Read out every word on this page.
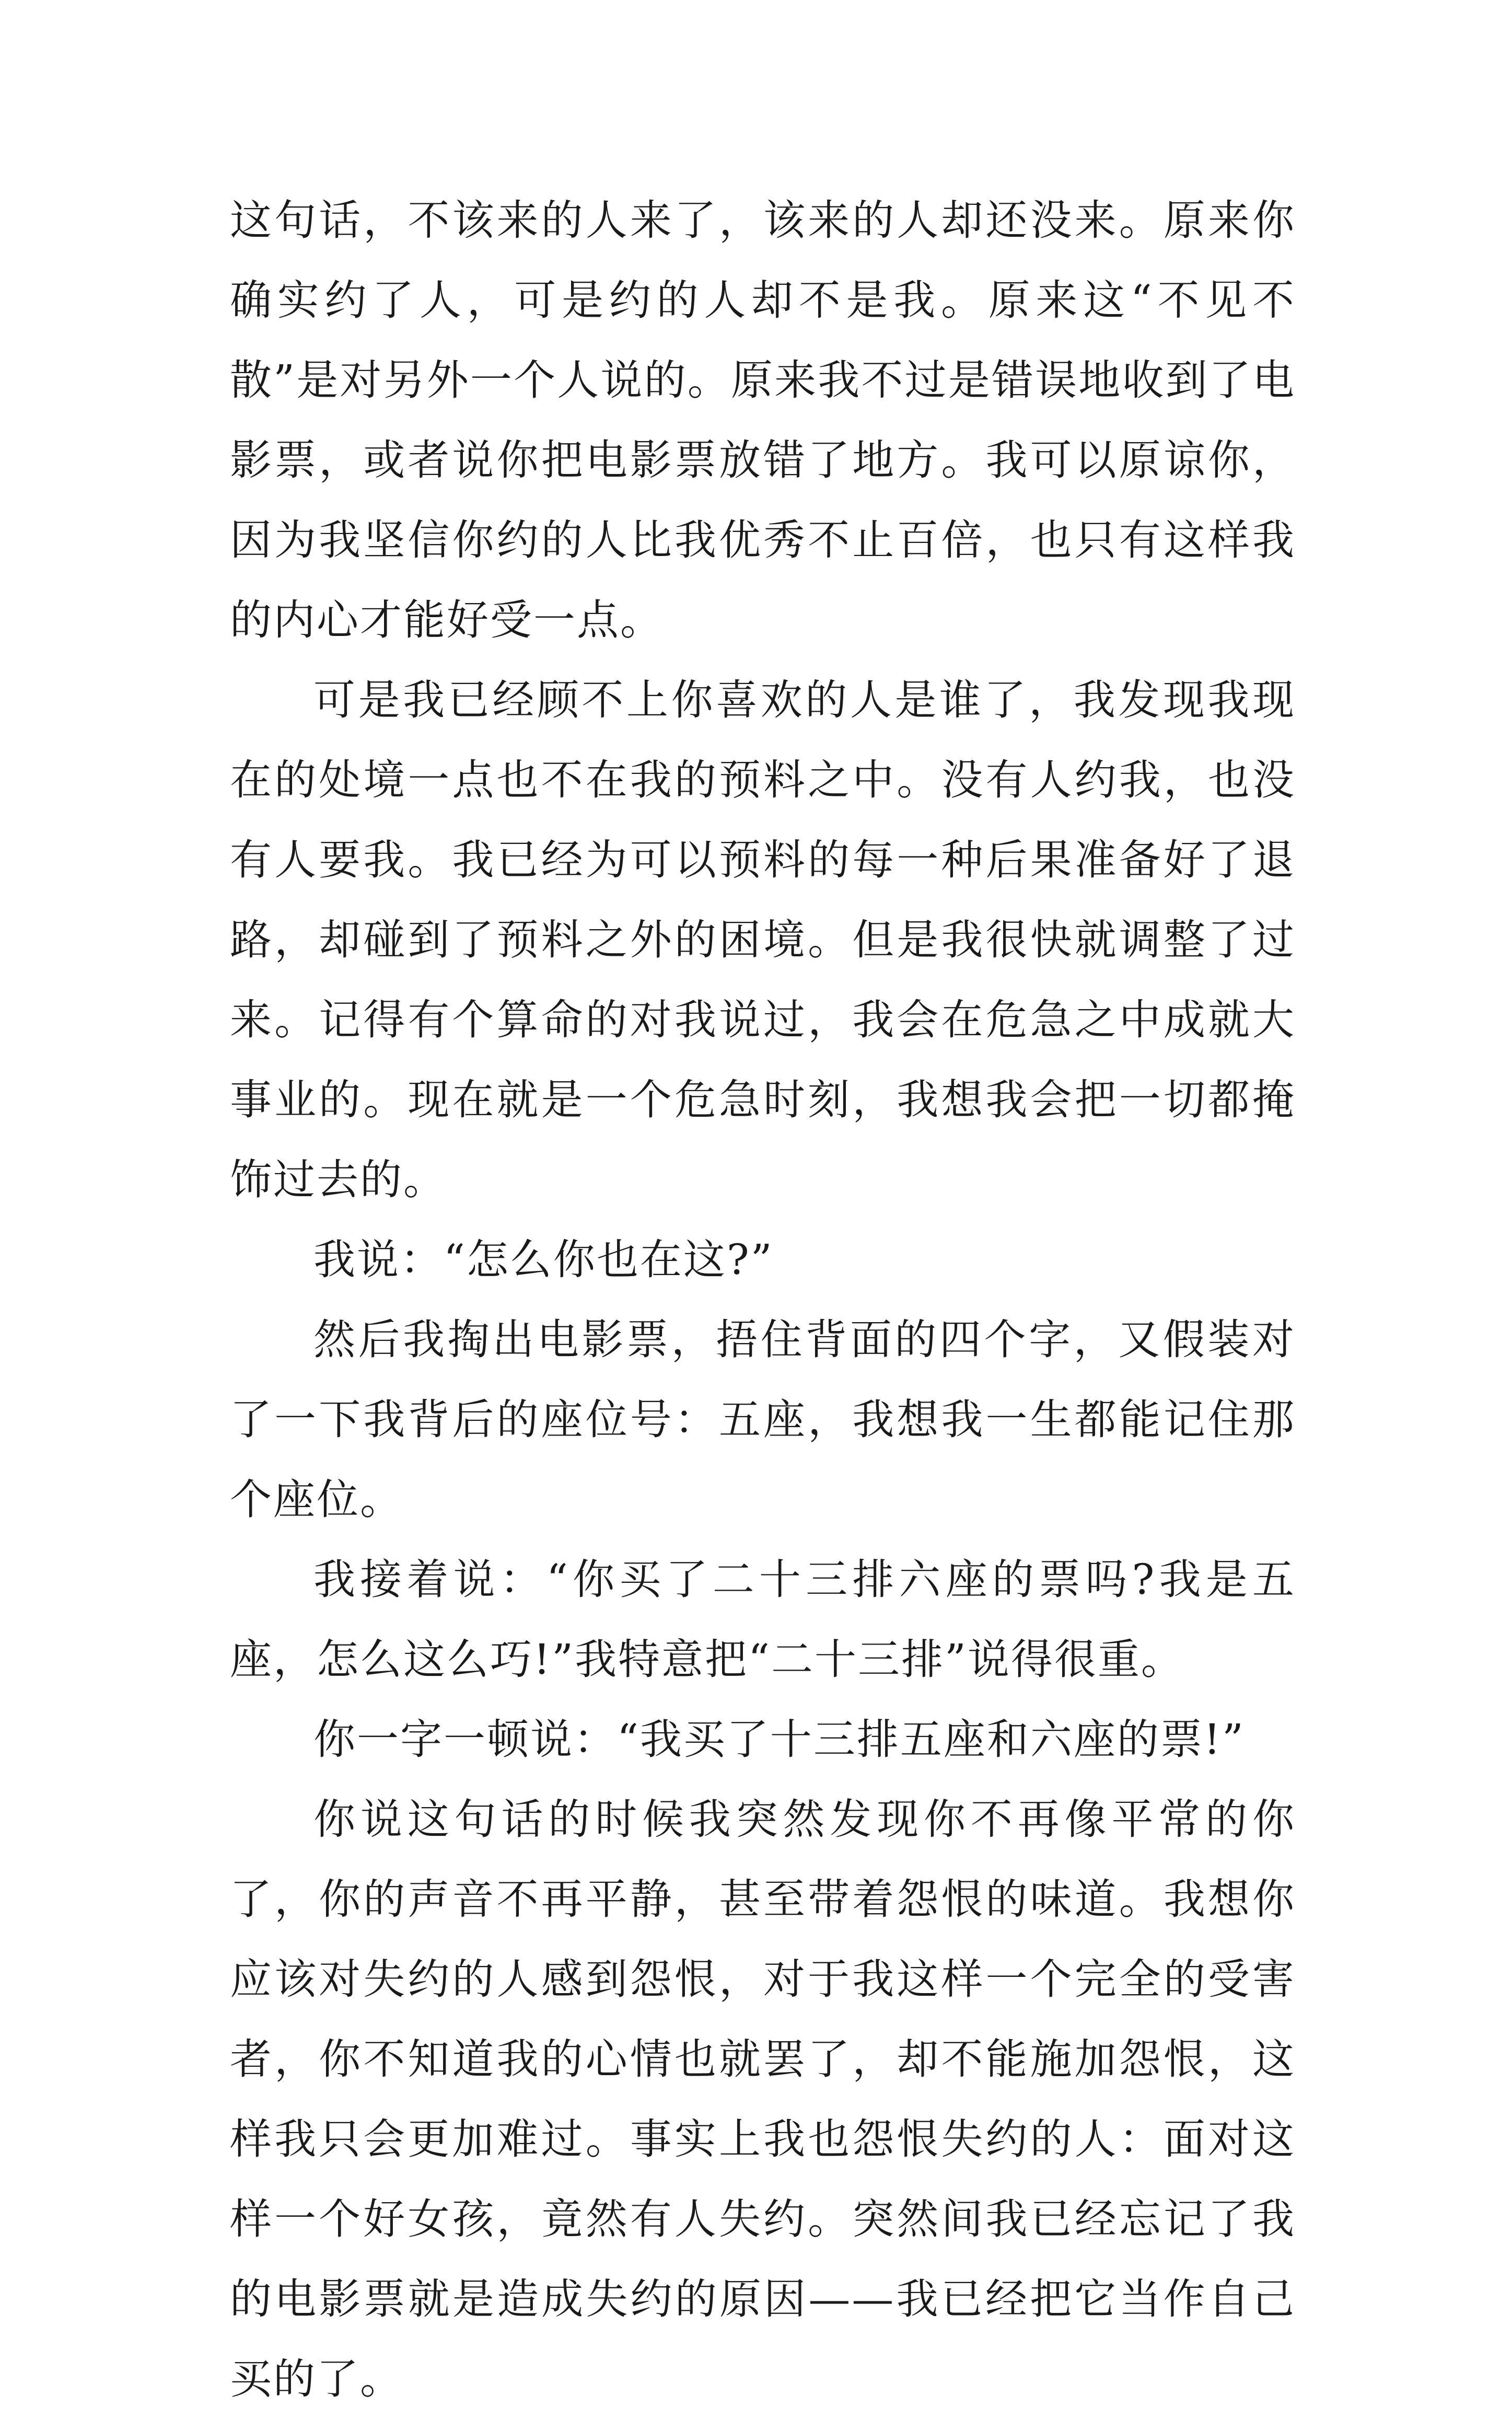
这句话，不该来的人来了，该来的人却还没来。原来你确实约了人，可是约的人却不是我。原来这“不见不散”是对另外一个人说的。原来我不过是错误地收到了电影票，或者说你把电影票放错了地方。我可以原谅你，因为我坚信你约的人比我优秀不止百倍，也只有这样我的内心才能好受一点。

可是我已经顾不上你喜欢的人是谁了，我发现我现在的处境一点也不在我的预料之中。没有人约我，也没有人要我。我已经为可以预料的每一种后果准备好了退路，却碰到了预料之外的困境。但是我很快就调整了过来。记得有个算命的对我说过，我会在危急之中成就大事业的。现在就是一个危急时刻，我想我会把一切都掩饰过去的。

我说：“怎么你也在这?”

然后我掏出电影票，捂住背面的四个字，又假装对了一下我背后的座位号：五座，我想我一生都能记住那个座位。

我接着说：“你买了二十三排六座的票吗?我是五座，怎么这么巧!”我特意把“二十三排”说得很重。

你一字一顿说：“我买了十三排五座和六座的票!”

你说这句话的时候我突然发现你不再像平常的你了，你的声音不再平静，甚至带着怨恨的味道。我想你应该对失约的人感到怨恨，对于我这样一个完全的受害者，你不知道我的心情也就罢了，却不能施加怨恨，这样我只会更加难过。事实上我也怨恨失约的人：面对这样一个好女孩，竟然有人失约。突然间我已经忘记了我的电影票就是造成失约的原因——我已经把它当作自己买的了。
